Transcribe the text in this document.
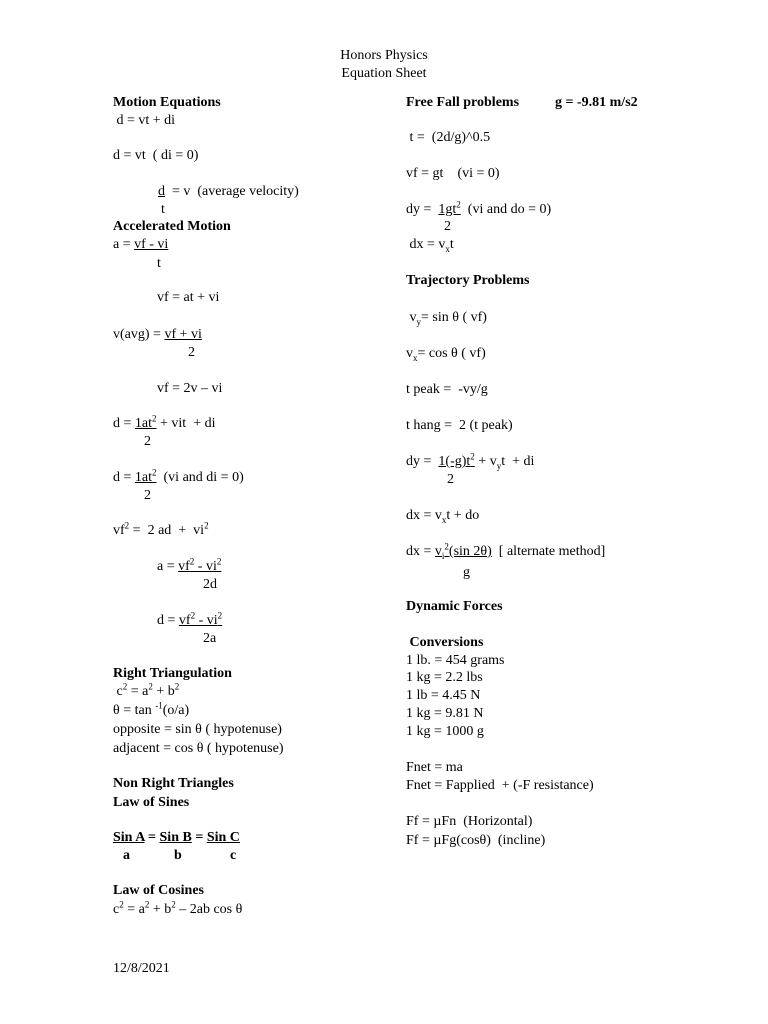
Honors Physics
Equation Sheet
Motion Equations
d = vt + di
d = vt  ( di = 0)
d  = v  (average velocity)
t
Accelerated Motion
a = vf - vi
t
vf = at + vi
v(avg) = vf + vi
2
vf = 2v – vi
$d = 1at^2$ + vit  + di
2
$d = 1at^2$  (vi and di = 0)
2
$vf^2 = 2$ ad  +  $vi^2$
$a = vf^2 - vi^2$
2d
$d = vf^2 - vi^2$
2a
Right Triangulation
$c^2 = a^2 + b^2$
θ = tan $^{-1}$(o/a)
opposite = sin θ ( hypotenuse)
adjacent = cos θ ( hypotenuse)
Non Right Triangles
Law of Sines
Sin A = Sin B = Sin C
a	b	c
Law of Cosines
$c^2 = a^2 + b^2 - 2ab$ cos θ
12/8/2021
Free Fall problems	g = -9.81 m/s2
t =  (2d/g)^0.5
vf = gt    (vi = 0)
dy =  $1gt^2$  (vi and do = 0)
2
dx = $v_xt$
Trajectory Problems
$v_y= \sin \theta$ ( vf)
$v_x= \cos \theta$ ( vf)
t peak =  -vy/g
t hang =  2 (t peak)
dy =  $1(-g)t^2 + v_yt$  + di
2
dx = $v_xt$ + do
dx = $v_i^2(\sin$ 2θ)  [ alternate method]
g
Dynamic Forces
Conversions
1 lb. = 454 grams
1 kg = 2.2 lbs
1 lb = 4.45 N
1 kg = 9.81 N
1 kg = 1000 g
Fnet = ma
Fnet = Fapplied  + (-F resistance)
Ff = µFn  (Horizontal)
Ff = µFg(cosθ)  (incline)
